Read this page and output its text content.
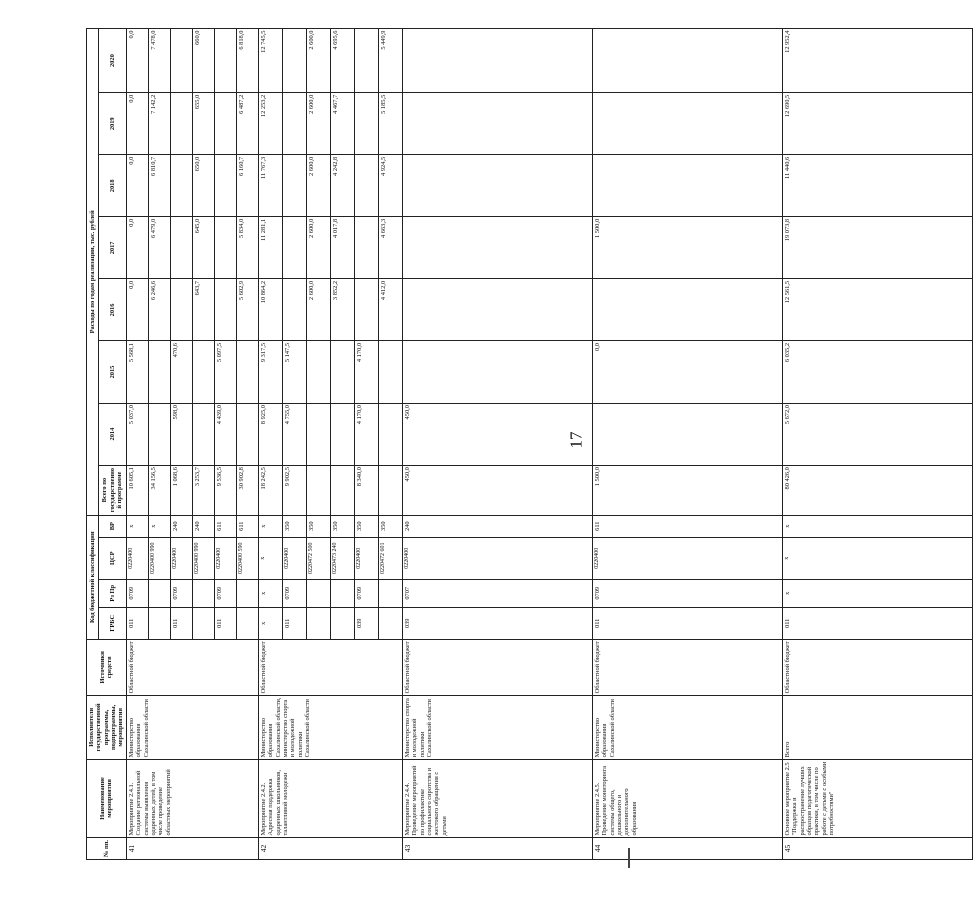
17
№ пп.	Наименование мероприятия	Исполнители государственной программы, подпрограммы, мероприятия	Источники средств	Код бюджетной классификации				Расходы по годам реализации, тыс. рублей							
				ГРБС	Рз Пр	ЦСР	ВР	Всего по государственной программе	2014	2015	2016	2017	2018	2019	2020
41	Мероприятие 2.4.1. Создание региональной системы выявления одаренных детей, в том числе проведение областных мероприятий	Министерство образования Сахалинской области	Областной бюджет	011	0709	0220400	x	10 605,1	5 037,0	5 568,1	0,0	0,0	0,0	0,0	0,0
						0220400 990	x	34 156,5			6 246,6	6 479,0	6 810,7	7 142,2	7 478,0
				011	0709	0220400	240	1 068,6	598,0	470,6					
						0220400 990	240	3 253,7			643,7	645,0	650,0	655,0	660,0
				011	0709	0220400	611	9 536,5	4 439,0	5 097,5					
						0220400 590	611	30 902,8			5 602,9	5 834,0	6 160,7	6 487,2	6 818,0
42	Мероприятие 2.4.2. Адресная поддержка одаренных школьников, талантливой молодежи	Министерство образования Сахалинской области, министерство спорта и молодежной политики Сахалинской области	Областной бюджет	x	x	x	x	18 242,5	8 925,0	9 317,5	10 864,2	11 281,1	11 767,3	12 253,2	12 745,5
				011	0709	0220400	350	9 902,5	4 755,0	5 147,5					
						0220472 500	350				2 600,0	2 600,0	2 600,0	2 600,0	2 600,0
						0220473 240	350				3 852,2	4 017,8	4 242,8	4 467,7	4 695,6
				039	0709	0220400	350	8 340,0	4 170,0	4 170,0					
						0220472 601	350				4 412,0	4 663,3	4 924,5	5 185,5	5 449,9
43	Мероприятие 2.4.4. Проведение мероприятий по профилактике социального сиротства и жестокого обращения с детьми	Министерство спорта и молодежной политики Сахалинской области	Областной бюджет	039	0707	0220400	240	450,0	450,0						
44	Мероприятие 2.4.5. Проведение мониторинга системы общего, дошкольного и дополнительного образования	Министерство образования Сахалинской области	Областной бюджет	011	0709	0220400	611	1 500,0		0,0		1 500,0			
45	Основное мероприятие 2.5 "Поддержка и распространение лучших образцов педагогической практики, в том числе по работе с детьми с особыми потребностями"	Всего	Областной бюджет	011	x	x	x	80 426,0	5 672,0	6 035,2	12 561,5	19 073,8	11 440,6	12 690,5	12 952,4
